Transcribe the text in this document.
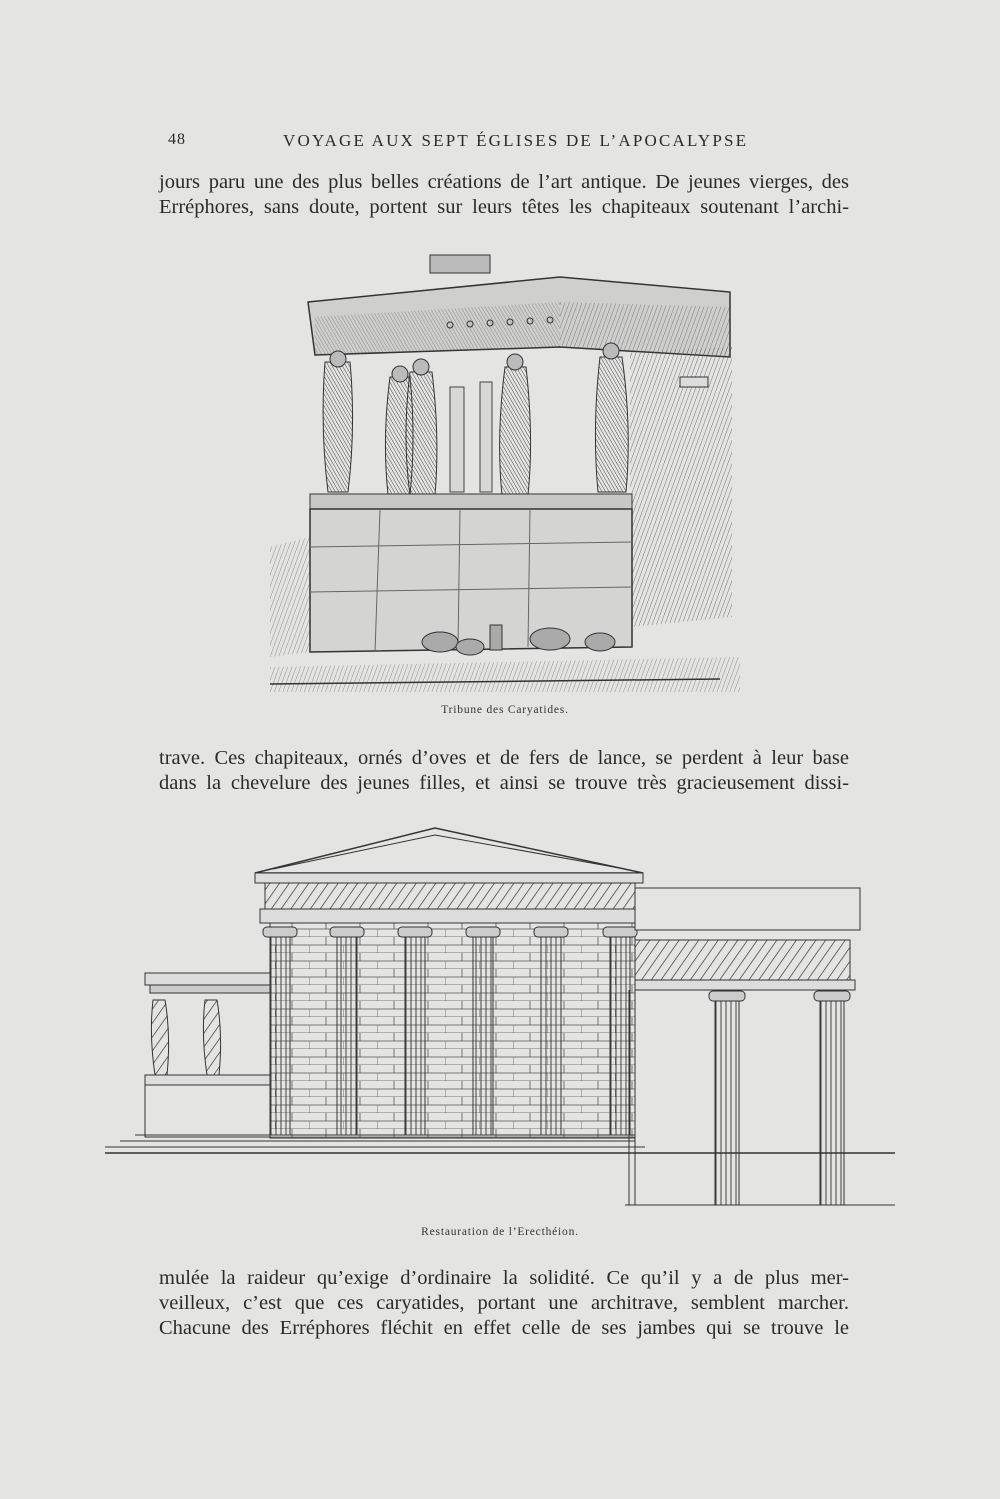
48	VOYAGE AUX SEPT ÉGLISES DE L’APOCALYPSE
jours paru une des plus belles créations de l’art antique. De jeunes vierges, des
Erréphores, sans doute, portent sur leurs têtes les chapiteaux soutenant l’archi-
Tribune des Caryatides.
trave. Ces chapiteaux, ornés d’oves et de fers de lance, se perdent à leur base
dans la chevelure des jeunes filles, et ainsi se trouve très gracieusement dissi-
Restauration de l’Erecthéion.
mulée la raideur qu’exige d’ordinaire la solidité. Ce qu’il y a de plus mer-
veilleux, c’est que ces caryatides, portant une architrave, semblent marcher.
Chacune des Erréphores fléchit en effet celle de ses jambes qui se trouve le
